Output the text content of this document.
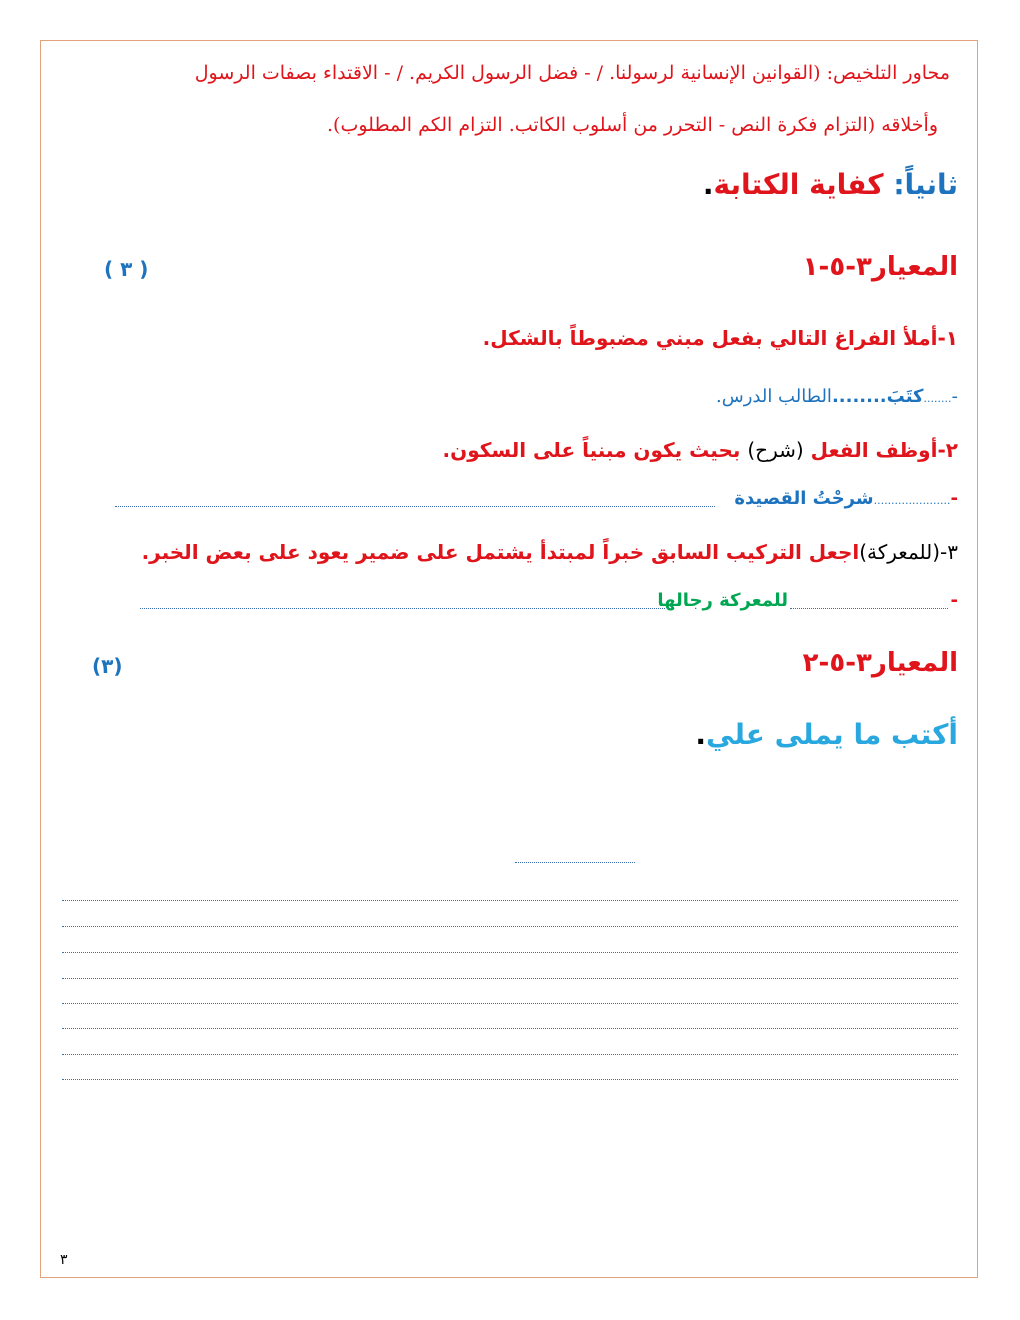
محاور التلخيص: (القوانين الإنسانية لرسولنا. / - فضل الرسول الكريم. / - الاقتداء بصفات الرسول
وأخلاقه (التزام فكرة النص - التحرر من أسلوب الكاتب. التزام الكم المطلوب).
ثانياً: كفاية الكتابة.
المعيار٣-٥-١
( ٣ )
١-أملأ الفراغ التالي بفعل مبني مضبوطاً بالشكل.
-........كتَبَ........الطالب الدرس.
٢-أوظف الفعل (شرح) بحيث يكون مبنياً على السكون.
-......................شرحْتُ القصيدة
٣-(للمعركة)اجعل التركيب السابق خبراً لمبتدأ يشتمل على ضمير يعود على بعض الخبر.
-
للمعركة رجالها
المعيار٣-٥-٢
(٣)
أكتب ما يملى علي.
٣
